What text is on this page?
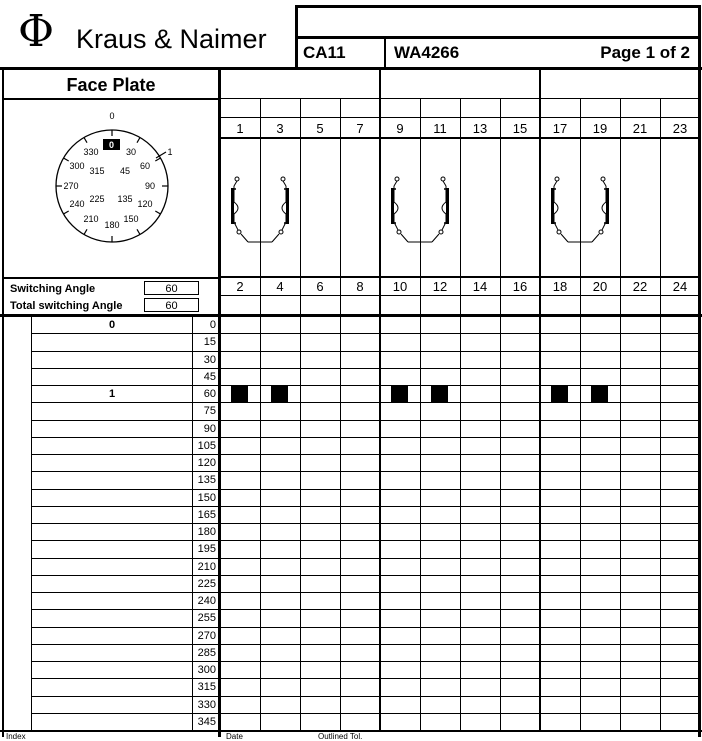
Φ Kraus & Naimer CA11	WA4266	Page 1 of 2
Face Plate
0
1
330
0
30
60
300 315 45
90
270
240 225 135 120
210
180
150
Switching Angle	60
Total switching Angle	60
1	3	5	7	9	11	13	15	17	19	21	23
2	4	6	8	10	12	14	16	18	20	22	24
0	0
15
30
45
1	60
75
90
105
120
135
150
165
180
195
210
225
240
255
270
285
300
315
330
345
Index	Date	Outlined Tol.
